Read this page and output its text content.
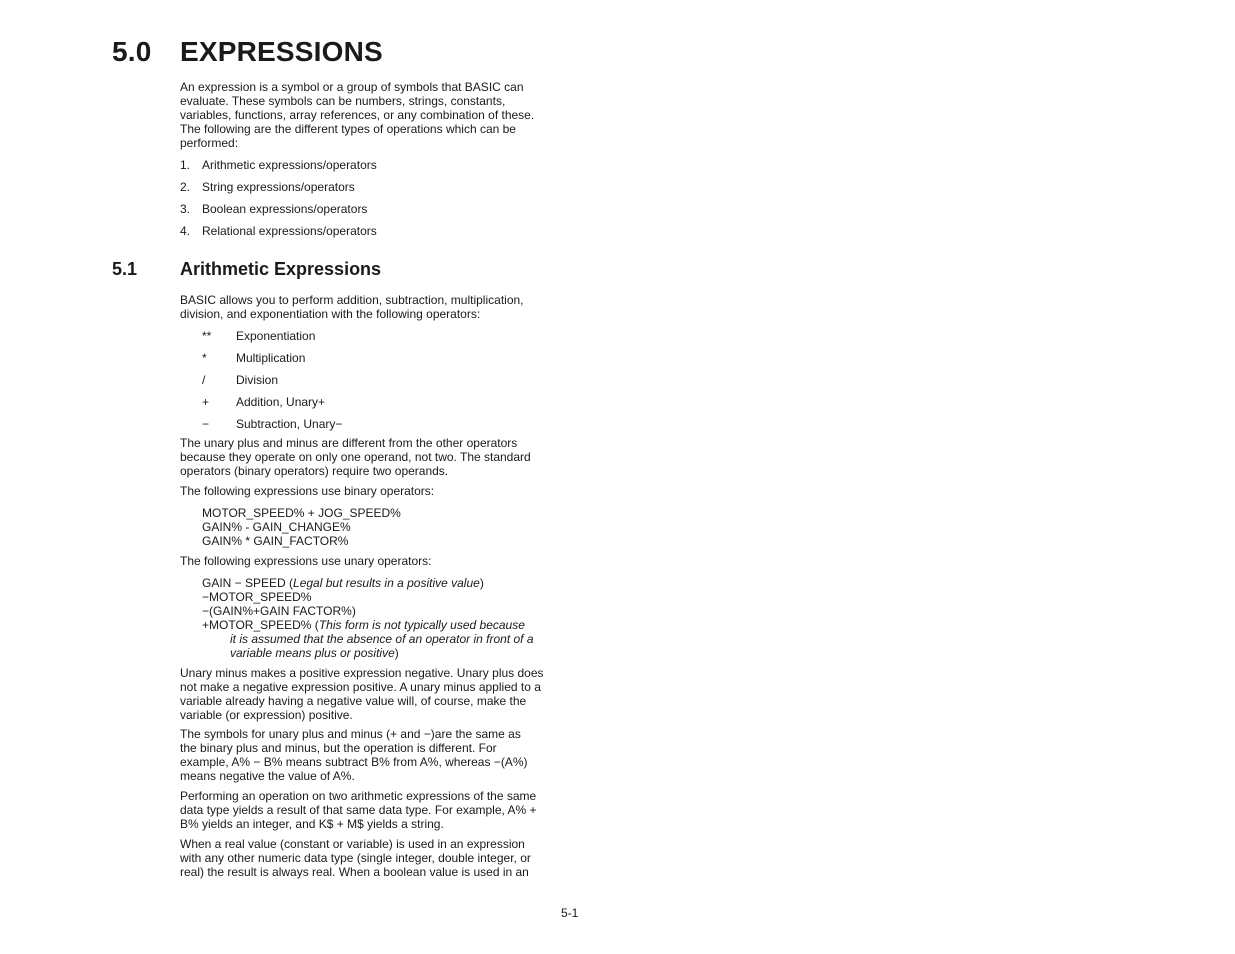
5.0 EXPRESSIONS
An expression is a symbol or a group of symbols that BASIC can
evaluate. These symbols can be numbers, strings, constants,
variables, functions, array references, or any combination of these.
The following are the different types of operations which can be
performed:
1. Arithmetic expressions/operators
2. String expressions/operators
3. Boolean expressions/operators
4. Relational expressions/operators
5.1 Arithmetic Expressions
BASIC allows you to perform addition, subtraction, multiplication,
division, and exponentiation with the following operators:
** Exponentiation
* Multiplication
/	Division
+ Addition, Unary+
− Subtraction, Unary−
The unary plus and minus are different from the other operators
because they operate on only one operand, not two. The standard
operators (binary operators) require two operands.
The following expressions use binary operators:
MOTOR_SPEED% + JOG_SPEED%
GAIN% - GAIN_CHANGE%
GAIN% * GAIN_FACTOR%
The following expressions use unary operators:
GAIN − SPEED (Legal but results in a positive value)
−MOTOR_SPEED%
−(GAIN%+GAIN FACTOR%)
+MOTOR_SPEED% (This form is not typically used because
it is assumed that the absence of an operator in front of a
variable means plus or positive)
Unary minus makes a positive expression negative. Unary plus does
not make a negative expression positive. A unary minus applied to a
variable already having a negative value will, of course, make the
variable (or expression) positive.
The symbols for unary plus and minus (+ and −)are the same as
the binary plus and minus, but the operation is different. For
example, A% − B% means subtract B% from A%, whereas −(A%)
means negative the value of A%.
Performing an operation on two arithmetic expressions of the same
data type yields a result of that same data type. For example, A% +
B% yields an integer, and K$ + M$ yields a string.
When a real value (constant or variable) is used in an expression
with any other numeric data type (single integer, double integer, or
real) the result is always real. When a boolean value is used in an
5-1
